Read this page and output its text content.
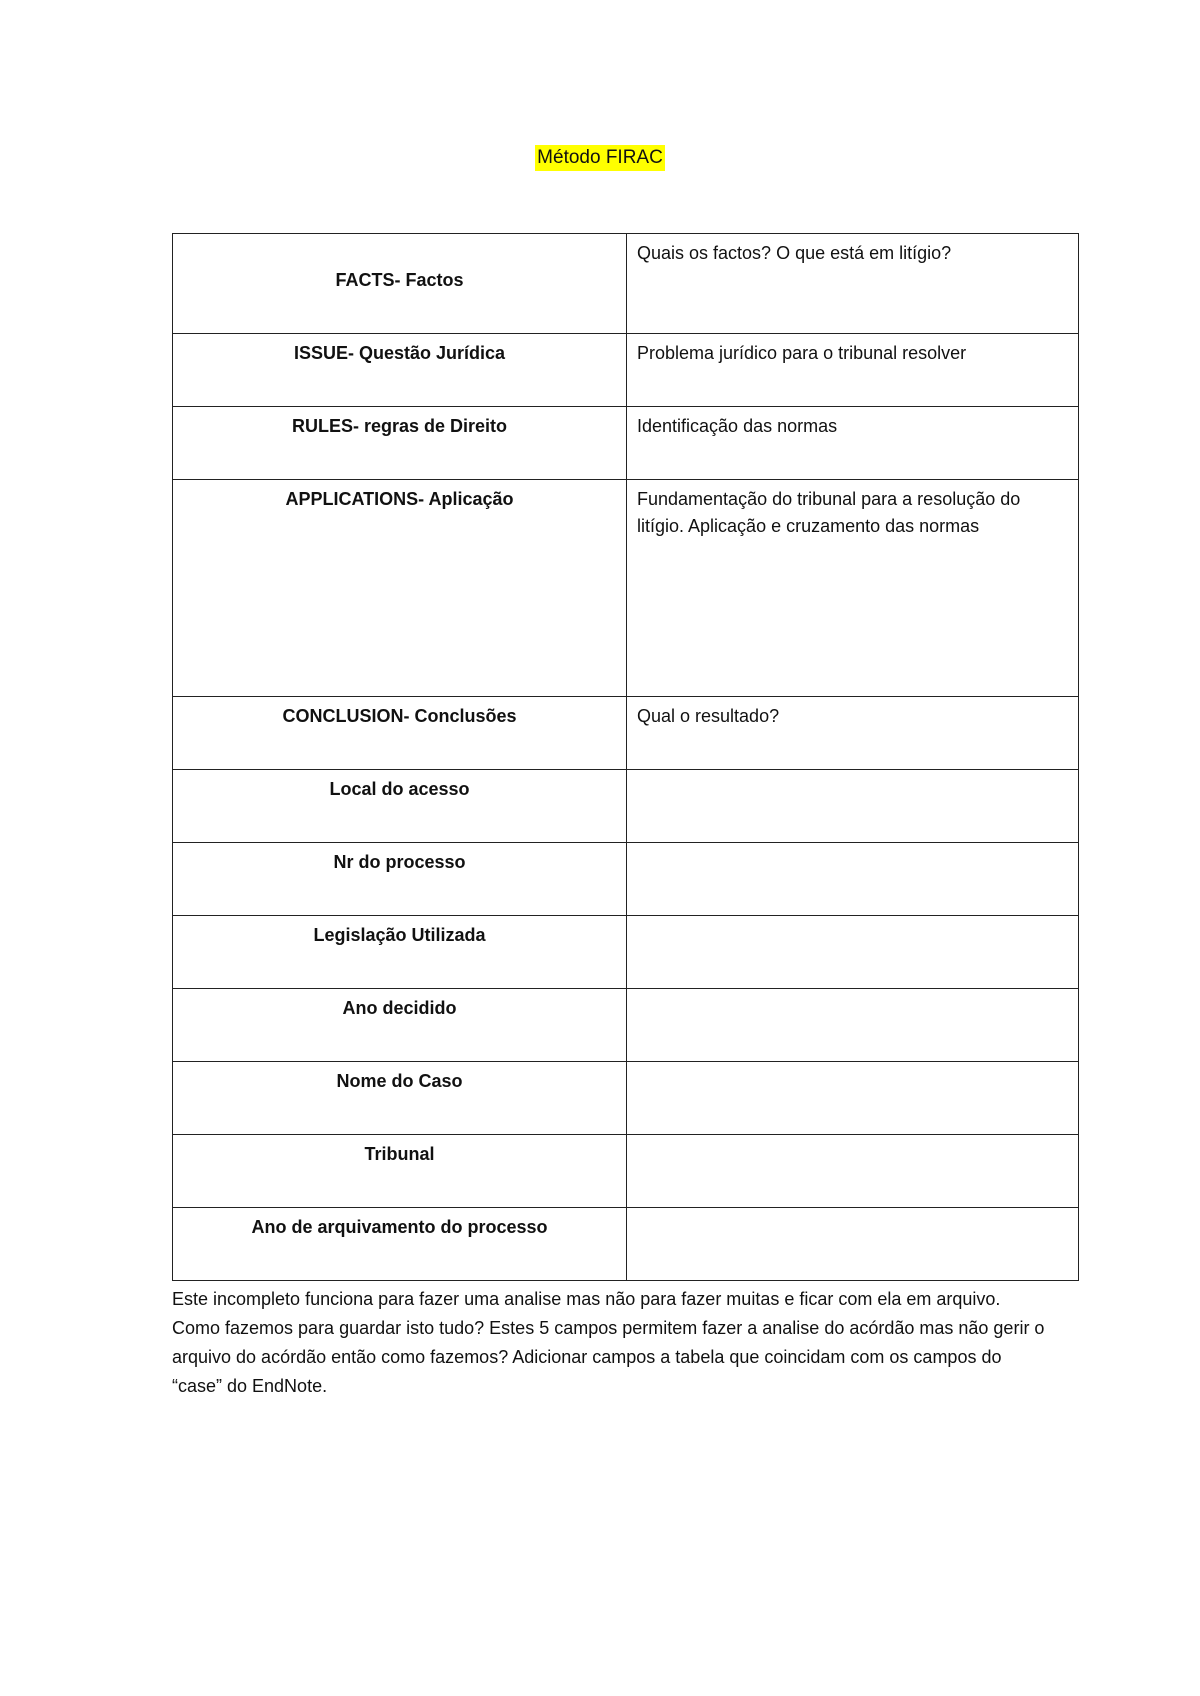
Método FIRAC
FACTS- Factos	Quais os factos? O que está em litígio?
ISSUE- Questão Jurídica	Problema jurídico para o tribunal resolver
RULES- regras de Direito	Identificação das normas
APPLICATIONS- Aplicação	Fundamentação do tribunal para a resolução do litígio. Aplicação e cruzamento das normas
CONCLUSION- Conclusões	Qual o resultado?
Local do acesso	
Nr do processo	
Legislação Utilizada	
Ano decidido	
Nome do Caso	
Tribunal	
Ano de arquivamento do processo	

Este incompleto funciona para fazer uma analise mas não para fazer muitas e ficar com ela em arquivo. Como fazemos para guardar isto tudo? Estes 5 campos permitem fazer a analise do acórdão mas não gerir o arquivo do acórdão então como fazemos? Adicionar campos a tabela que coincidam com os campos do “case” do EndNote.
